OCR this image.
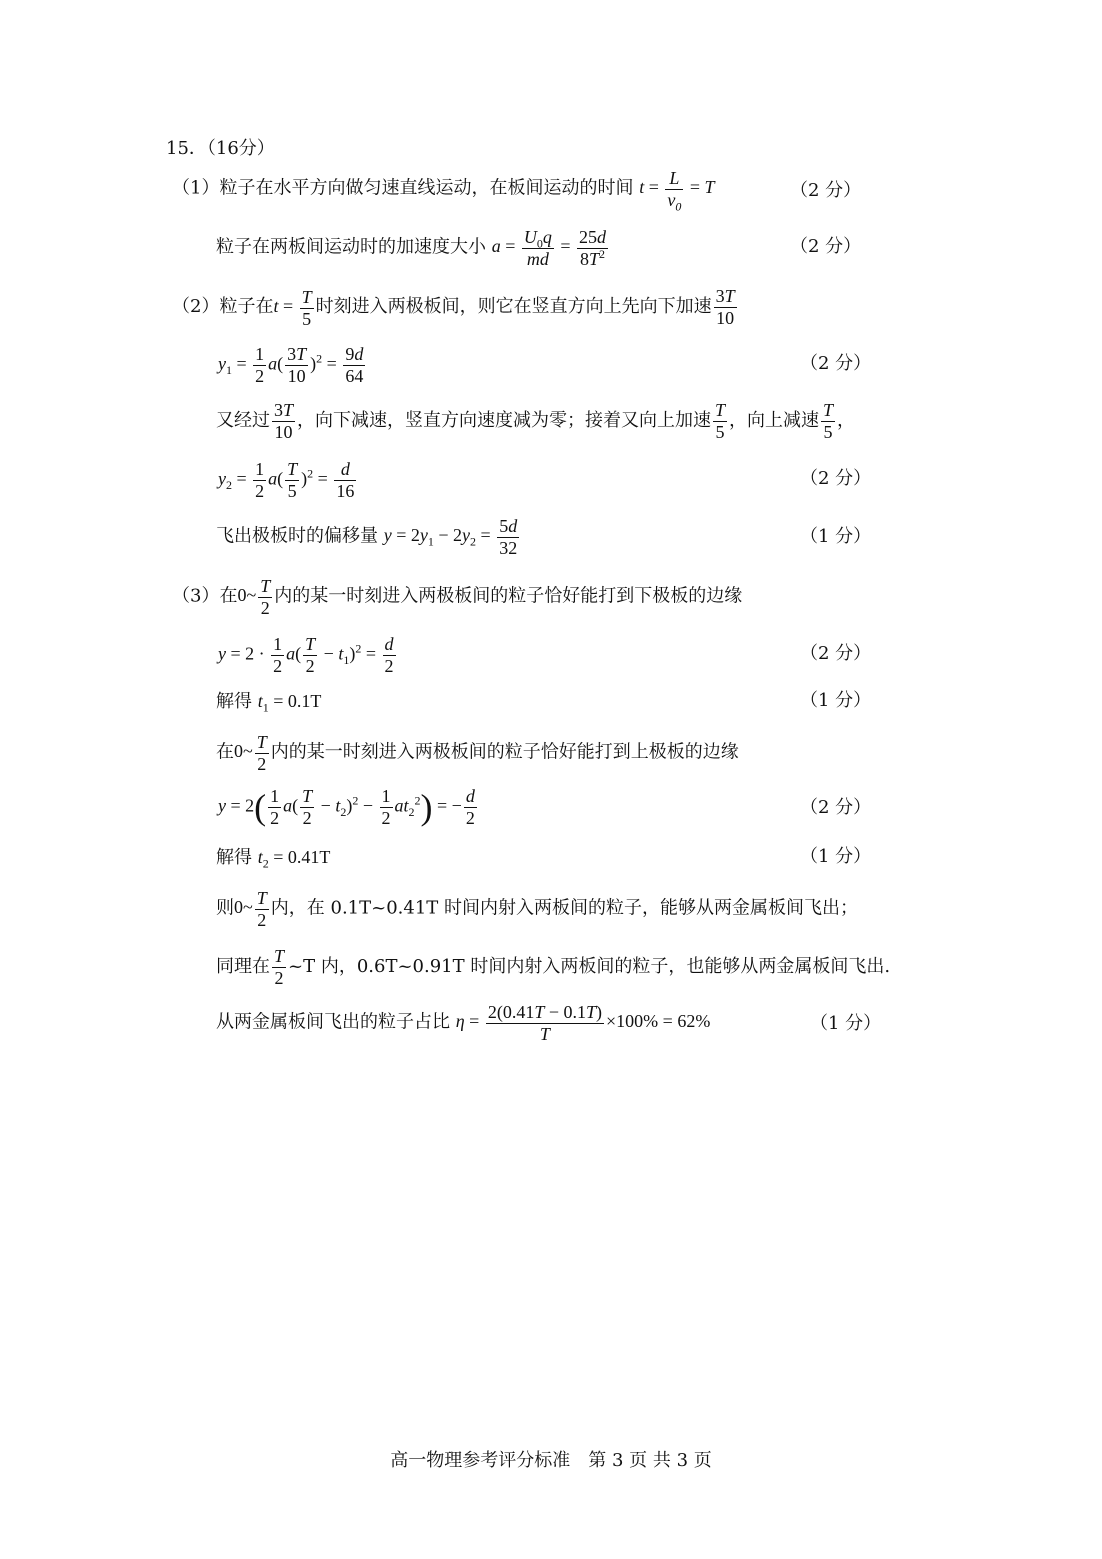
15．（16分）
（1）粒子在水平方向做匀速直线运动，在板间运动的时间 $t = \frac{L}{v_0} = T$	（2 分）
粒子在两板间运动时的加速度大小 $a = \frac{U_0q}{md} = \frac{25d}{8T^2}$	（2 分）
（2）粒子在$t = \frac{T}{5}$ 时刻进入两极板间，则它在竖直方向上先向下加速 $\frac{3T}{10}$
$y_1 = \frac{1}{2} a( \frac{3T}{10} )^2 = \frac{9d}{64}$	（2 分）
又经过 $\frac{3T}{10}$ ，向下减速，竖直方向速度减为零；接着又向上加速 $\frac{T}{5}$ ，向上减速 $\frac{T}{5}$ ，
$y_2 = \frac{1}{2} a( \frac{T}{5} )^2 = \frac{d}{16}$	（2 分）
飞出极板时的偏移量 $y = 2y_1 - 2y_2 = \frac{5d}{32}$	（1 分）
（3）在0~ $\frac{T}{2}$ 内的某一时刻进入两极板间的粒子恰好能打到下极板的边缘
$y = 2 \cdot \frac{1}{2} a( \frac{T}{2} - t_1)^2 = \frac{d}{2}$	（2 分）
解得 $t_1 = 0.1T$	（1 分）
在0~ $\frac{T}{2}$ 内的某一时刻进入两极板间的粒子恰好能打到上极板的边缘
$y = 2( \frac{1}{2} a( \frac{T}{2} - t_2)^2 - \frac{1}{2} at_2^2)$ = − $\frac{d}{2}$	（2 分）
解得 $t_2 = 0.41T$	（1 分）
则0~ $\frac{T}{2}$ 内，在 0.1T~0.41T 时间内射入两板间的粒子，能够从两金属板间飞出；
同理在 $\frac{T}{2}$ ~T 内，0.6T~0.91T 时间内射入两板间的粒子，也能够从两金属板间飞出.
从两金属板间飞出的粒子占比 $\eta = \frac{2(0.41T - 0.1T)}{T} \times 100\% = 62\%$	（1 分）
高一物理参考评分标准　第 3 页 共 3 页
